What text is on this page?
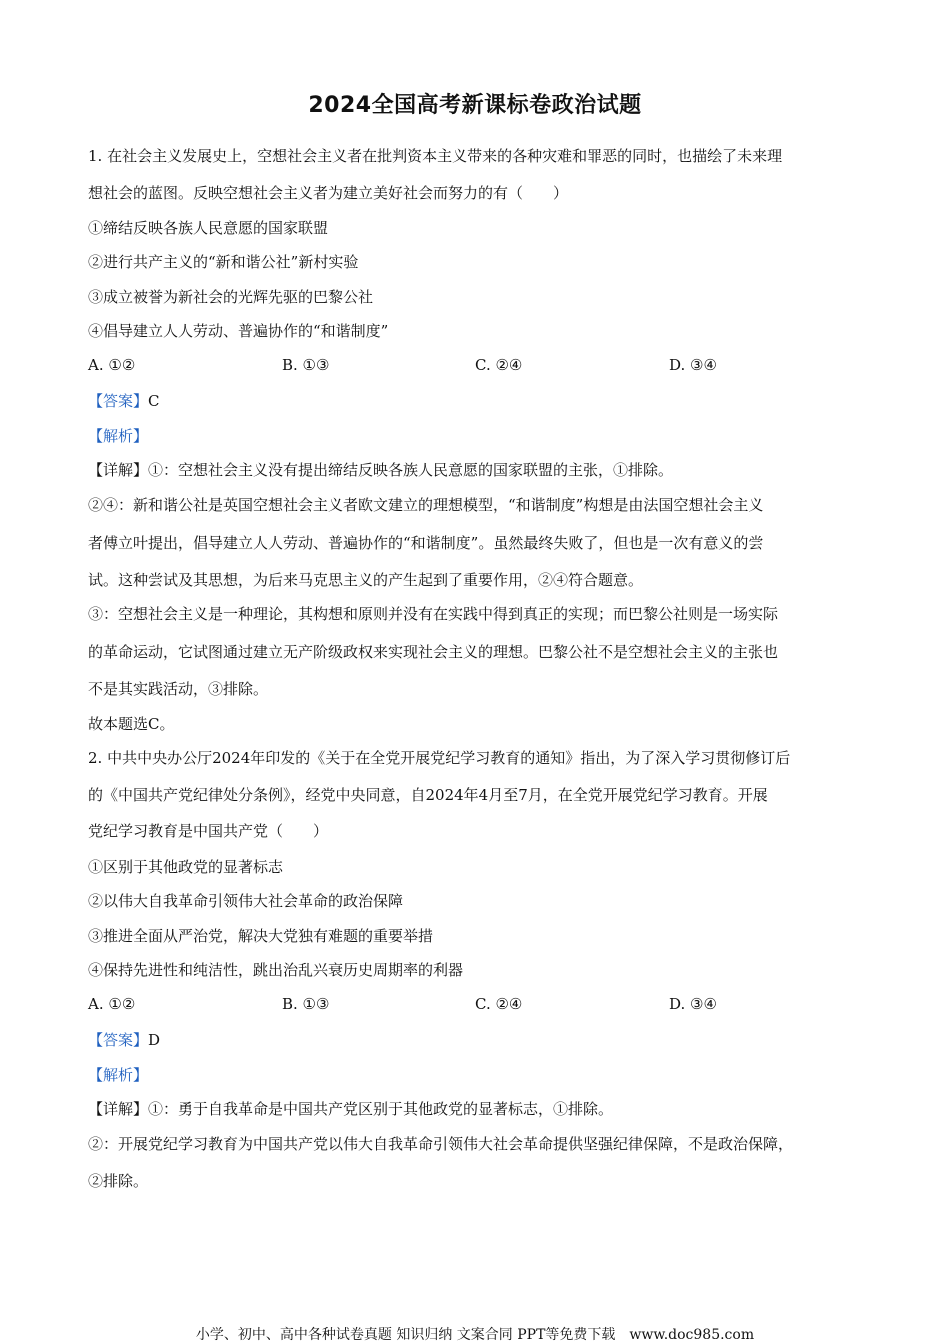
2024全国高考新课标卷政治试题
1. 在社会主义发展史上，空想社会主义者在批判资本主义带来的各种灾难和罪恶的同时，也描绘了未来理
想社会的蓝图。反映空想社会主义者为建立美好社会而努力的有（　　）
①缔结反映各族人民意愿的国家联盟
②进行共产主义的“新和谐公社”新村实验
③成立被誉为新社会的光辉先驱的巴黎公社
④倡导建立人人劳动、普遍协作的“和谐制度”
A. ①②	B. ①③	C. ②④	D. ③④
【答案】C
【解析】
【详解】①：空想社会主义没有提出缔结反映各族人民意愿的国家联盟的主张，①排除。
②④：新和谐公社是英国空想社会主义者欧文建立的理想模型，“和谐制度”构想是由法国空想社会主义
者傅立叶提出，倡导建立人人劳动、普遍协作的“和谐制度”。虽然最终失败了，但也是一次有意义的尝
试。这种尝试及其思想，为后来马克思主义的产生起到了重要作用，②④符合题意。
③：空想社会主义是一种理论，其构想和原则并没有在实践中得到真正的实现；而巴黎公社则是一场实际
的革命运动，它试图通过建立无产阶级政权来实现社会主义的理想。巴黎公社不是空想社会主义的主张也
不是其实践活动，③排除。
故本题选C。
2. 中共中央办公厅2024年印发的《关于在全党开展党纪学习教育的通知》指出，为了深入学习贯彻修订后
的《中国共产党纪律处分条例》，经党中央同意，自2024年4月至7月，在全党开展党纪学习教育。开展
党纪学习教育是中国共产党（　　）
①区别于其他政党的显著标志
②以伟大自我革命引领伟大社会革命的政治保障
③推进全面从严治党，解决大党独有难题的重要举措
④保持先进性和纯洁性，跳出治乱兴衰历史周期率的利器
A. ①②	B. ①③	C. ②④	D. ③④
【答案】D
【解析】
【详解】①：勇于自我革命是中国共产党区别于其他政党的显著标志，①排除。
②：开展党纪学习教育为中国共产党以伟大自我革命引领伟大社会革命提供坚强纪律保障，不是政治保障，
②排除。
小学、初中、高中各种试卷真题 知识归纳 文案合同 PPT等免费下载　www.doc985.com
